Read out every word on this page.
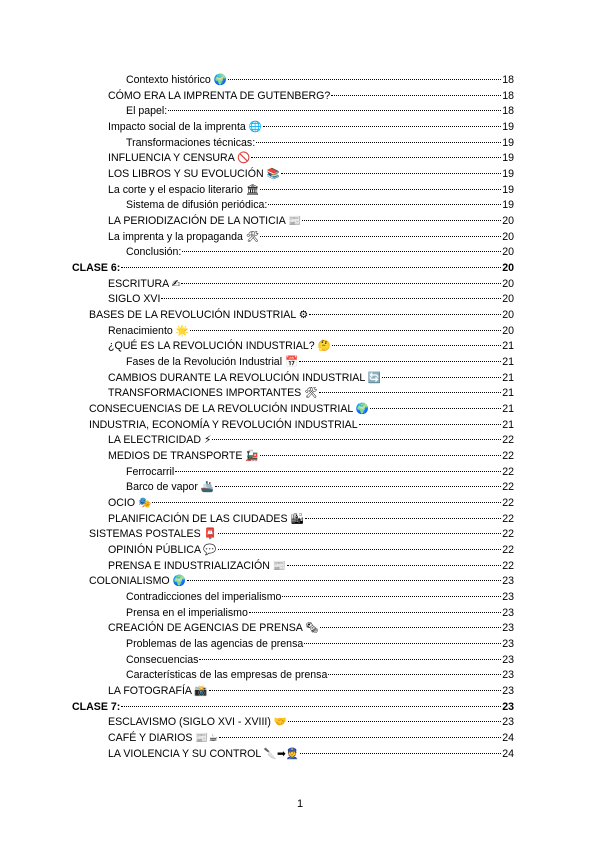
Contexto histórico 🌍	18
CÓMO ERA LA IMPRENTA DE GUTENBERG?	18
El papel:	18
Impacto social de la imprenta 🌐	19
Transformaciones técnicas:	19
INFLUENCIA Y CENSURA 🚫	19
LOS LIBROS Y SU EVOLUCIÓN 📚	19
La corte y el espacio literario 🏛	19
Sistema de difusión periódica:	19
LA PERIODIZACIÓN DE LA NOTICIA 📰	20
La imprenta y la propaganda 🛠	20
Conclusión:	20
CLASE 6:	20
ESCRITURA ✍	20
SIGLO XVI	20
BASES DE LA REVOLUCIÓN INDUSTRIAL ⚙	20
Renacimiento 🌟	20
¿QUÉ ES LA REVOLUCIÓN INDUSTRIAL? 🤔	21
Fases de la Revolución Industrial 📅	21
CAMBIOS DURANTE LA REVOLUCIÓN INDUSTRIAL 🔄	21
TRANSFORMACIONES IMPORTANTES 🛠	21
CONSECUENCIAS DE LA REVOLUCIÓN INDUSTRIAL 🌍	21
INDUSTRIA, ECONOMÍA Y REVOLUCIÓN INDUSTRIAL	21
LA ELECTRICIDAD ⚡	22
MEDIOS DE TRANSPORTE 🚂	22
Ferrocarril	22
Barco de vapor 🚢	22
OCIO 🎭	22
PLANIFICACIÓN DE LAS CIUDADES 🏙	22
SISTEMAS POSTALES 📮	22
OPINIÓN PÚBLICA 💬	22
PRENSA E INDUSTRIALIZACIÓN 📰	22
COLONIALISMO 🌍	23
Contradicciones del imperialismo	23
Prensa en el imperialismo	23
CREACIÓN DE AGENCIAS DE PRENSA 🗞	23
Problemas de las agencias de prensa	23
Consecuencias	23
Características de las empresas de prensa	23
LA FOTOGRAFÍA 📸	23
CLASE 7:	23
ESCLAVISMO (SIGLO XVI - XVIII) 🤝	23
CAFÉ Y DIARIOS 📰☕	24
LA VIOLENCIA Y SU CONTROL 🔪➡👮	24
1
